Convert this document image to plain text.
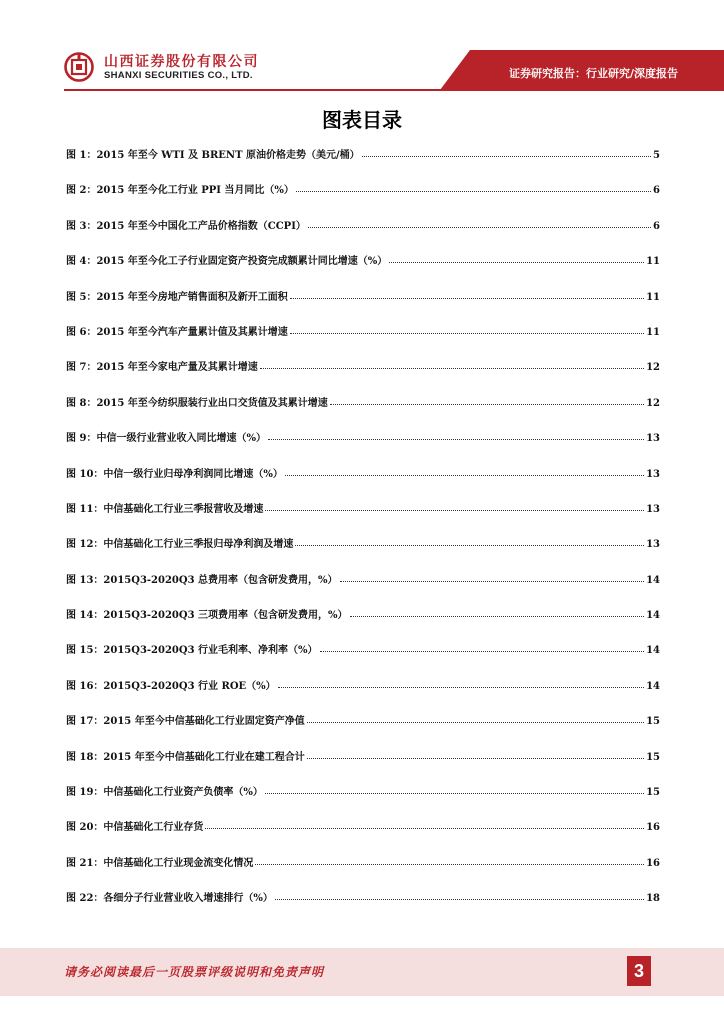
山西证券股份有限公司
SHANXI SECURITIES CO., LTD.	证券研究报告：行业研究/深度报告
图表目录
图 1：2015 年至今 WTI 及 BRENT 原油价格走势（美元/桶）	5
图 2：2015 年至今化工行业 PPI 当月同比（%）	6
图 3：2015 年至今中国化工产品价格指数（CCPI）	6
图 4：2015 年至今化工子行业固定资产投资完成额累计同比增速（%）	11
图 5：2015 年至今房地产销售面积及新开工面积	11
图 6：2015 年至今汽车产量累计值及其累计增速	11
图 7：2015 年至今家电产量及其累计增速	12
图 8：2015 年至今纺织服装行业出口交货值及其累计增速	12
图 9：中信一级行业营业收入同比增速（%）	13
图 10：中信一级行业归母净利润同比增速（%）	13
图 11：中信基础化工行业三季报营收及增速	13
图 12：中信基础化工行业三季报归母净利润及增速	13
图 13：2015Q3-2020Q3 总费用率（包含研发费用，%）	14
图 14：2015Q3-2020Q3 三项费用率（包含研发费用，%）	14
图 15：2015Q3-2020Q3 行业毛利率、净利率（%）	14
图 16：2015Q3-2020Q3 行业 ROE（%）	14
图 17：2015 年至今中信基础化工行业固定资产净值	15
图 18：2015 年至今中信基础化工行业在建工程合计	15
图 19：中信基础化工行业资产负债率（%）	15
图 20：中信基础化工行业存货	16
图 21：中信基础化工行业现金流变化情况	16
图 22：各细分子行业营业收入增速排行（%）	18
请务必阅读最后一页股票评级说明和免责声明	3
